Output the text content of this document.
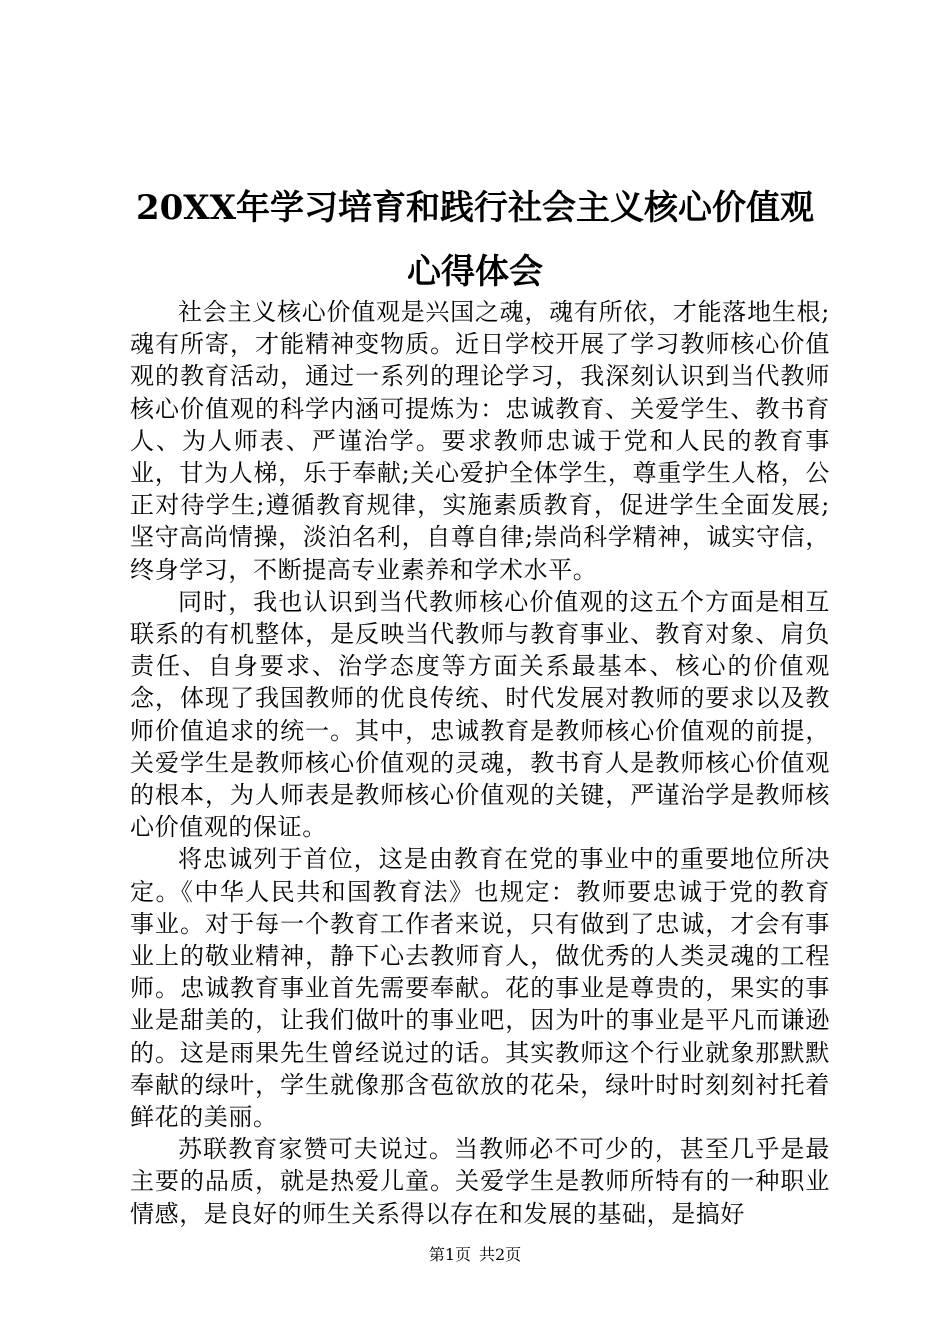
20XX年学习培育和践行社会主义核心价值观
心得体会

社会主义核心价值观是兴国之魂，魂有所依，才能落地生根;魂有所寄，才能精神变物质。近日学校开展了学习教师核心价值观的教育活动，通过一系列的理论学习，我深刻认识到当代教师核心价值观的科学内涵可提炼为：忠诚教育、关爱学生、教书育人、为人师表、严谨治学。要求教师忠诚于党和人民的教育事业，甘为人梯，乐于奉献;关心爱护全体学生，尊重学生人格，公正对待学生;遵循教育规律，实施素质教育，促进学生全面发展;坚守高尚情操，淡泊名利，自尊自律;崇尚科学精神，诚实守信，终身学习，不断提高专业素养和学术水平。

同时，我也认识到当代教师核心价值观的这五个方面是相互联系的有机整体，是反映当代教师与教育事业、教育对象、肩负责任、自身要求、治学态度等方面关系最基本、核心的价值观念，体现了我国教师的优良传统、时代发展对教师的要求以及教师价值追求的统一。其中，忠诚教育是教师核心价值观的前提，关爱学生是教师核心价值观的灵魂，教书育人是教师核心价值观的根本，为人师表是教师核心价值观的关键，严谨治学是教师核心价值观的保证。

将忠诚列于首位，这是由教育在党的事业中的重要地位所决定。《中华人民共和国教育法》也规定：教师要忠诚于党的教育事业。对于每一个教育工作者来说，只有做到了忠诚，才会有事业上的敬业精神，静下心去教师育人，做优秀的人类灵魂的工程师。忠诚教育事业首先需要奉献。花的事业是尊贵的，果实的事业是甜美的，让我们做叶的事业吧，因为叶的事业是平凡而谦逊的。这是雨果先生曾经说过的话。其实教师这个行业就象那默默奉献的绿叶，学生就像那含苞欲放的花朵，绿叶时时刻刻衬托着鲜花的美丽。

苏联教育家赞可夫说过。当教师必不可少的，甚至几乎是最主要的品质，就是热爱儿童。关爱学生是教师所特有的一种职业情感，是良好的师生关系得以存在和发展的基础，是搞好

第1页 共2页
